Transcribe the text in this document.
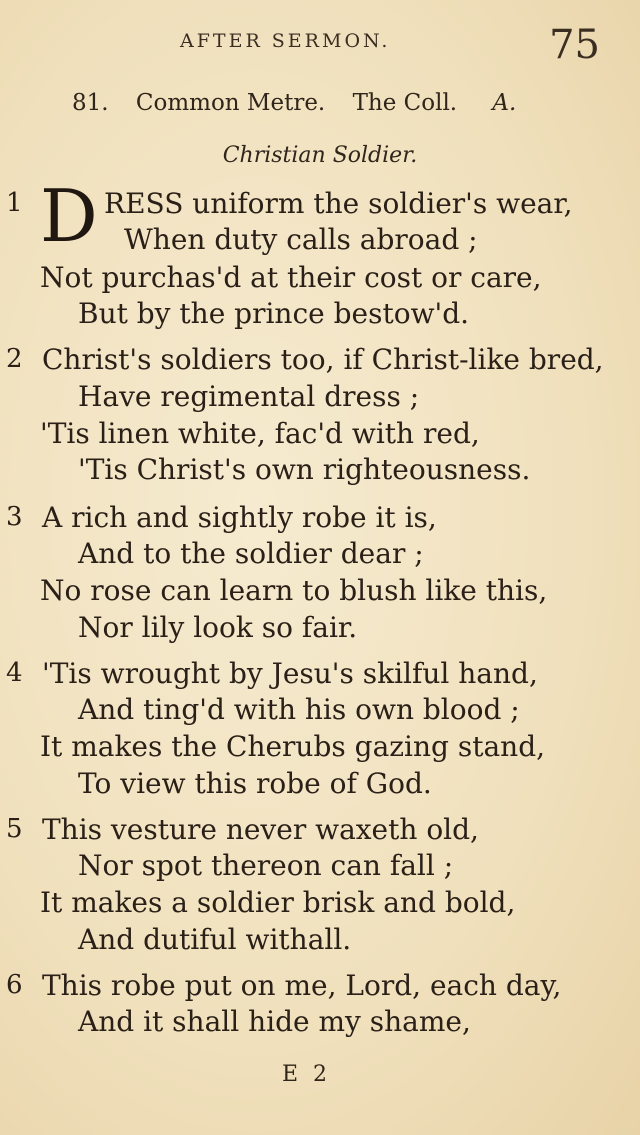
AFTER SERMON.	75
81. Common Metre. The Coll. A.
Christian Soldier.
D
1	RESS uniform the soldier's wear,
When duty calls abroad ;
Not purchas'd at their cost or care,
But by the prince bestow'd.
2 Christ's soldiers too, if Christ-like bred,
Have regimental dress ;
'Tis linen white, fac'd with red,
'Tis Christ's own righteousness.
3 A rich and sightly robe it is,
And to the soldier dear ;
No rose can learn to blush like this,
Nor lily look so fair.
4 'Tis wrought by Jesu's skilful hand,
And ting'd with his own blood ;
It makes the Cherubs gazing stand,
To view this robe of God.
5 This vesture never waxeth old,
Nor spot thereon can fall ;
It makes a soldier brisk and bold,
And dutiful withall.
6 This robe put on me, Lord, each day,
And it shall hide my shame,
E 2
